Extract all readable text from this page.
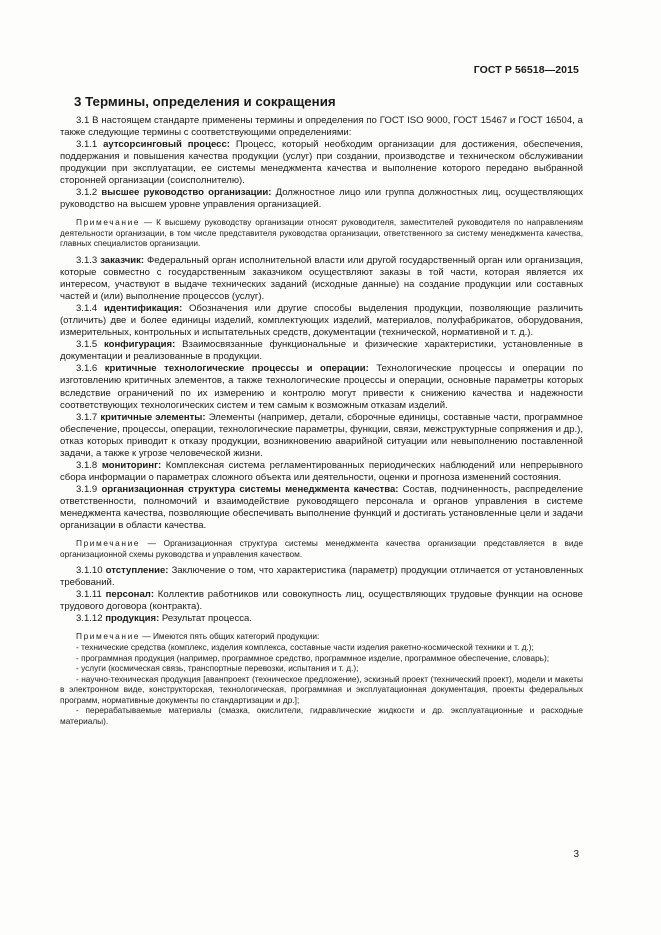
ГОСТ Р 56518—2015
3 Термины, определения и сокращения

3.1 В настоящем стандарте применены термины и определения по ГОСТ ISO 9000, ГОСТ 15467 и ГОСТ 16504, а также следующие термины с соответствующими определениями:

3.1.1 аутсорсинговый процесс: Процесс, который необходим организации для достижения, обеспечения, поддержания и повышения качества продукции (услуг) при создании, производстве и техническом обслуживании продукции при эксплуатации, ее системы менеджмента качества и выполнение которого передано выбранной сторонней организации (соисполнителю).

3.1.2 высшее руководство организации: Должностное лицо или группа должностных лиц, осуществляющих руководство на высшем уровне управления организацией.

Примечание — К высшему руководству организации относят руководителя, заместителей руководителя по направлениям деятельности организации, в том числе представителя руководства организации, ответственного за систему менеджмента качества, главных специалистов организации.

3.1.3 заказчик: Федеральный орган исполнительной власти или другой государственный орган или организация, которые совместно с государственным заказчиком осуществляют заказы в той части, которая является их интересом, участвуют в выдаче технических заданий (исходные данные) на создание продукции или составных частей и (или) выполнение процессов (услуг).

3.1.4 идентификация: Обозначения или другие способы выделения продукции, позволяющие различить (отличить) две и более единицы изделий, комплектующих изделий, материалов, полуфабрикатов, оборудования, измерительных, контрольных и испытательных средств, документации (техническoй, нормативной и т. д.).

3.1.5 конфигурация: Взаимосвязанные функциональные и физические характеристики, установленные в документации и реализованные в продукции.

3.1.6 критичные технологические процессы и операции: Технологические процессы и операции по изготовлению критичных элементов, а также технологические процессы и операции, основные параметры которых вследствие ограничений по их измерению и контролю могут привести к снижению качества и надежности соответствующих технологических систем и тем самым к возможным отказам изделий.

3.1.7 критичные элементы: Элементы (например, детали, сборочные единицы, составные части, программное обеспечение, процессы, операции, технологические параметры, функции, связи, межструктурные сопряжения и др.), отказ которых приводит к отказу продукции, возникновению аварийной ситуации или невыполнению поставленной задачи, а также к угрозе человеческой жизни.

3.1.8 мониторинг: Комплексная система регламентированных периодических наблюдений или непрерывного сбора информации о параметрах сложного объекта или деятельности, оценки и прогноза изменений состояния.

3.1.9 организационная структура системы менеджмента качества: Состав, подчиненность, распределение ответственности, полномочий и взаимодействие руководящего персонала и органов управления в системе менеджмента качества, позволяющие обеспечивать выполнение функций и достигать установленные цели и задачи организации в области качества.

Примечание — Организационная структура системы менеджмента качества организации представляется в виде организационной схемы руководства и управления качеством.

3.1.10 отступление: Заключение о том, что характеристика (параметр) продукции отличается от установленных требований.

3.1.11 персонал: Коллектив работников или совокупность лиц, осуществляющих трудовые функции на основе трудового договора (контракта).

3.1.12 продукция: Результат процесса.

Примечание — Имеются пять общих категорий продукции:

- технические средства (комплекс, изделия комплекса, составные части изделия ракетно-космической техники и т. д.);
- программная продукция (например, программное средство, программное изделие, программное обеспечение, словарь);
- услуги (космическая связь, транспортные перевозки, испытания и т. д.);
- научно-техническая продукция [аванпроект (техническое предложение), эскизный проект (технический проект), модели и макеты в электронном виде, конструкторская, технологическая, программная и эксплуатационная документация, проекты федеральных программ, нормативные документы по стандартизации и др.];
- перерабатываемые материалы (смазка, окислители, гидравлические жидкости и др. эксплуатационные и расходные материалы).
3
